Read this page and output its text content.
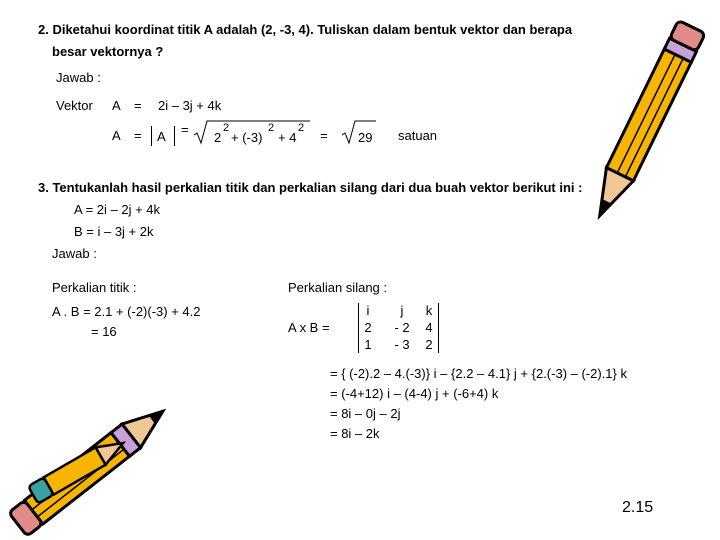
2. Diketahui koordinat titik A adalah (2, -3, 4). Tuliskan dalam bentuk vektor dan berapa
besar vektornya ?
Jawab :
Vektor A = 2i – 3j + 4k
A = A =
2
2
+ (-3)
2
+ 4
2 = 29 satuan
3. Tentukanlah hasil perkalian titik dan perkalian silang dari dua buah vektor berikut ini :
A = 2i – 2j + 4k
B = i – 3j + 2k
Jawab :
Perkalian titik :
A . B = 2.1 + (-2)(-3) + 4.2
= 16
Perkalian silang :
A x B =
i	j	k
2	- 2	4
1	- 3	2
= { (-2).2 – 4.(-3)} i – {2.2 – 4.1} j + {2.(-3) – (-2).1} k
= (-4+12) i – (4-4) j + (-6+4) k
= 8i – 0j – 2j
= 8i – 2k
2.15
